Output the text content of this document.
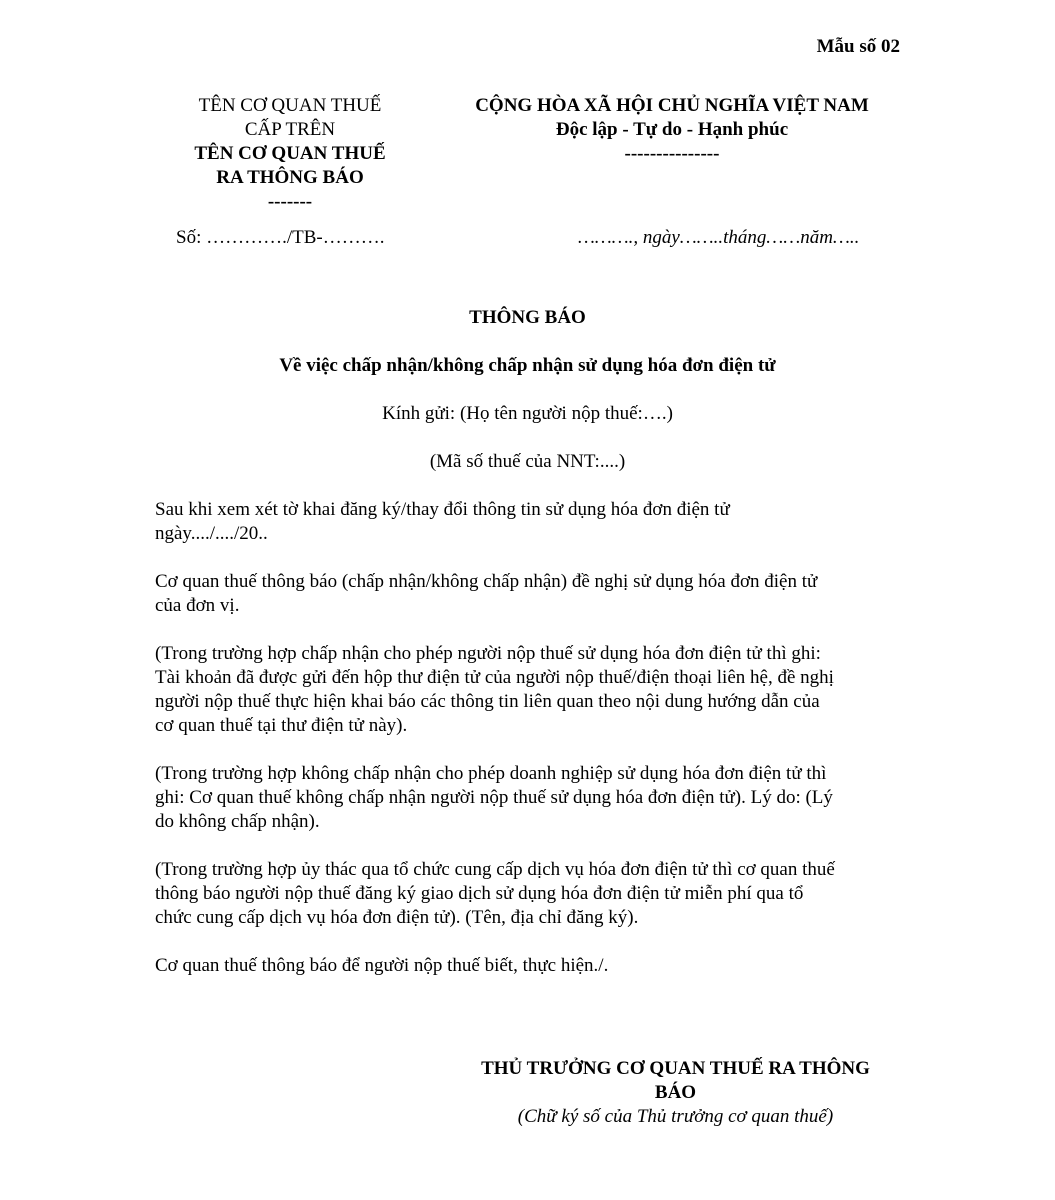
Mẫu số 02
TÊN CƠ QUAN THUẾ
CẤP TRÊN
TÊN CƠ QUAN THUẾ
RA THÔNG BÁO
-------
CỘNG HÒA XÃ HỘI CHỦ NGHĨA VIỆT NAM
Độc lập - Tự do - Hạnh phúc
---------------
Số: …………./TB-……….	………., ngày……..tháng……năm…..
THÔNG BÁO
Về việc chấp nhận/không chấp nhận sử dụng hóa đơn điện tử
Kính gửi: (Họ tên người nộp thuế:….)
(Mã số thuế của NNT:....)
Sau khi xem xét tờ khai đăng ký/thay đổi thông tin sử dụng hóa đơn điện tử
ngày..../..../20..
Cơ quan thuế thông báo (chấp nhận/không chấp nhận) đề nghị sử dụng hóa đơn điện tử
của đơn vị.
(Trong trường hợp chấp nhận cho phép người nộp thuế sử dụng hóa đơn điện tử thì ghi:
Tài khoản đã được gửi đến hộp thư điện tử của người nộp thuế/điện thoại liên hệ, đề nghị
người nộp thuế thực hiện khai báo các thông tin liên quan theo nội dung hướng dẫn của
cơ quan thuế tại thư điện tử này).
(Trong trường hợp không chấp nhận cho phép doanh nghiệp sử dụng hóa đơn điện tử thì
ghi: Cơ quan thuế không chấp nhận người nộp thuế sử dụng hóa đơn điện tử). Lý do: (Lý
do không chấp nhận).
(Trong trường hợp ủy thác qua tổ chức cung cấp dịch vụ hóa đơn điện tử thì cơ quan thuế
thông báo người nộp thuế đăng ký giao dịch sử dụng hóa đơn điện tử miễn phí qua tổ
chức cung cấp dịch vụ hóa đơn điện tử). (Tên, địa chỉ đăng ký).
Cơ quan thuế thông báo để người nộp thuế biết, thực hiện./.
THỦ TRƯỞNG CƠ QUAN THUẾ RA THÔNG
BÁO
(Chữ ký số của Thủ trưởng cơ quan thuế)
